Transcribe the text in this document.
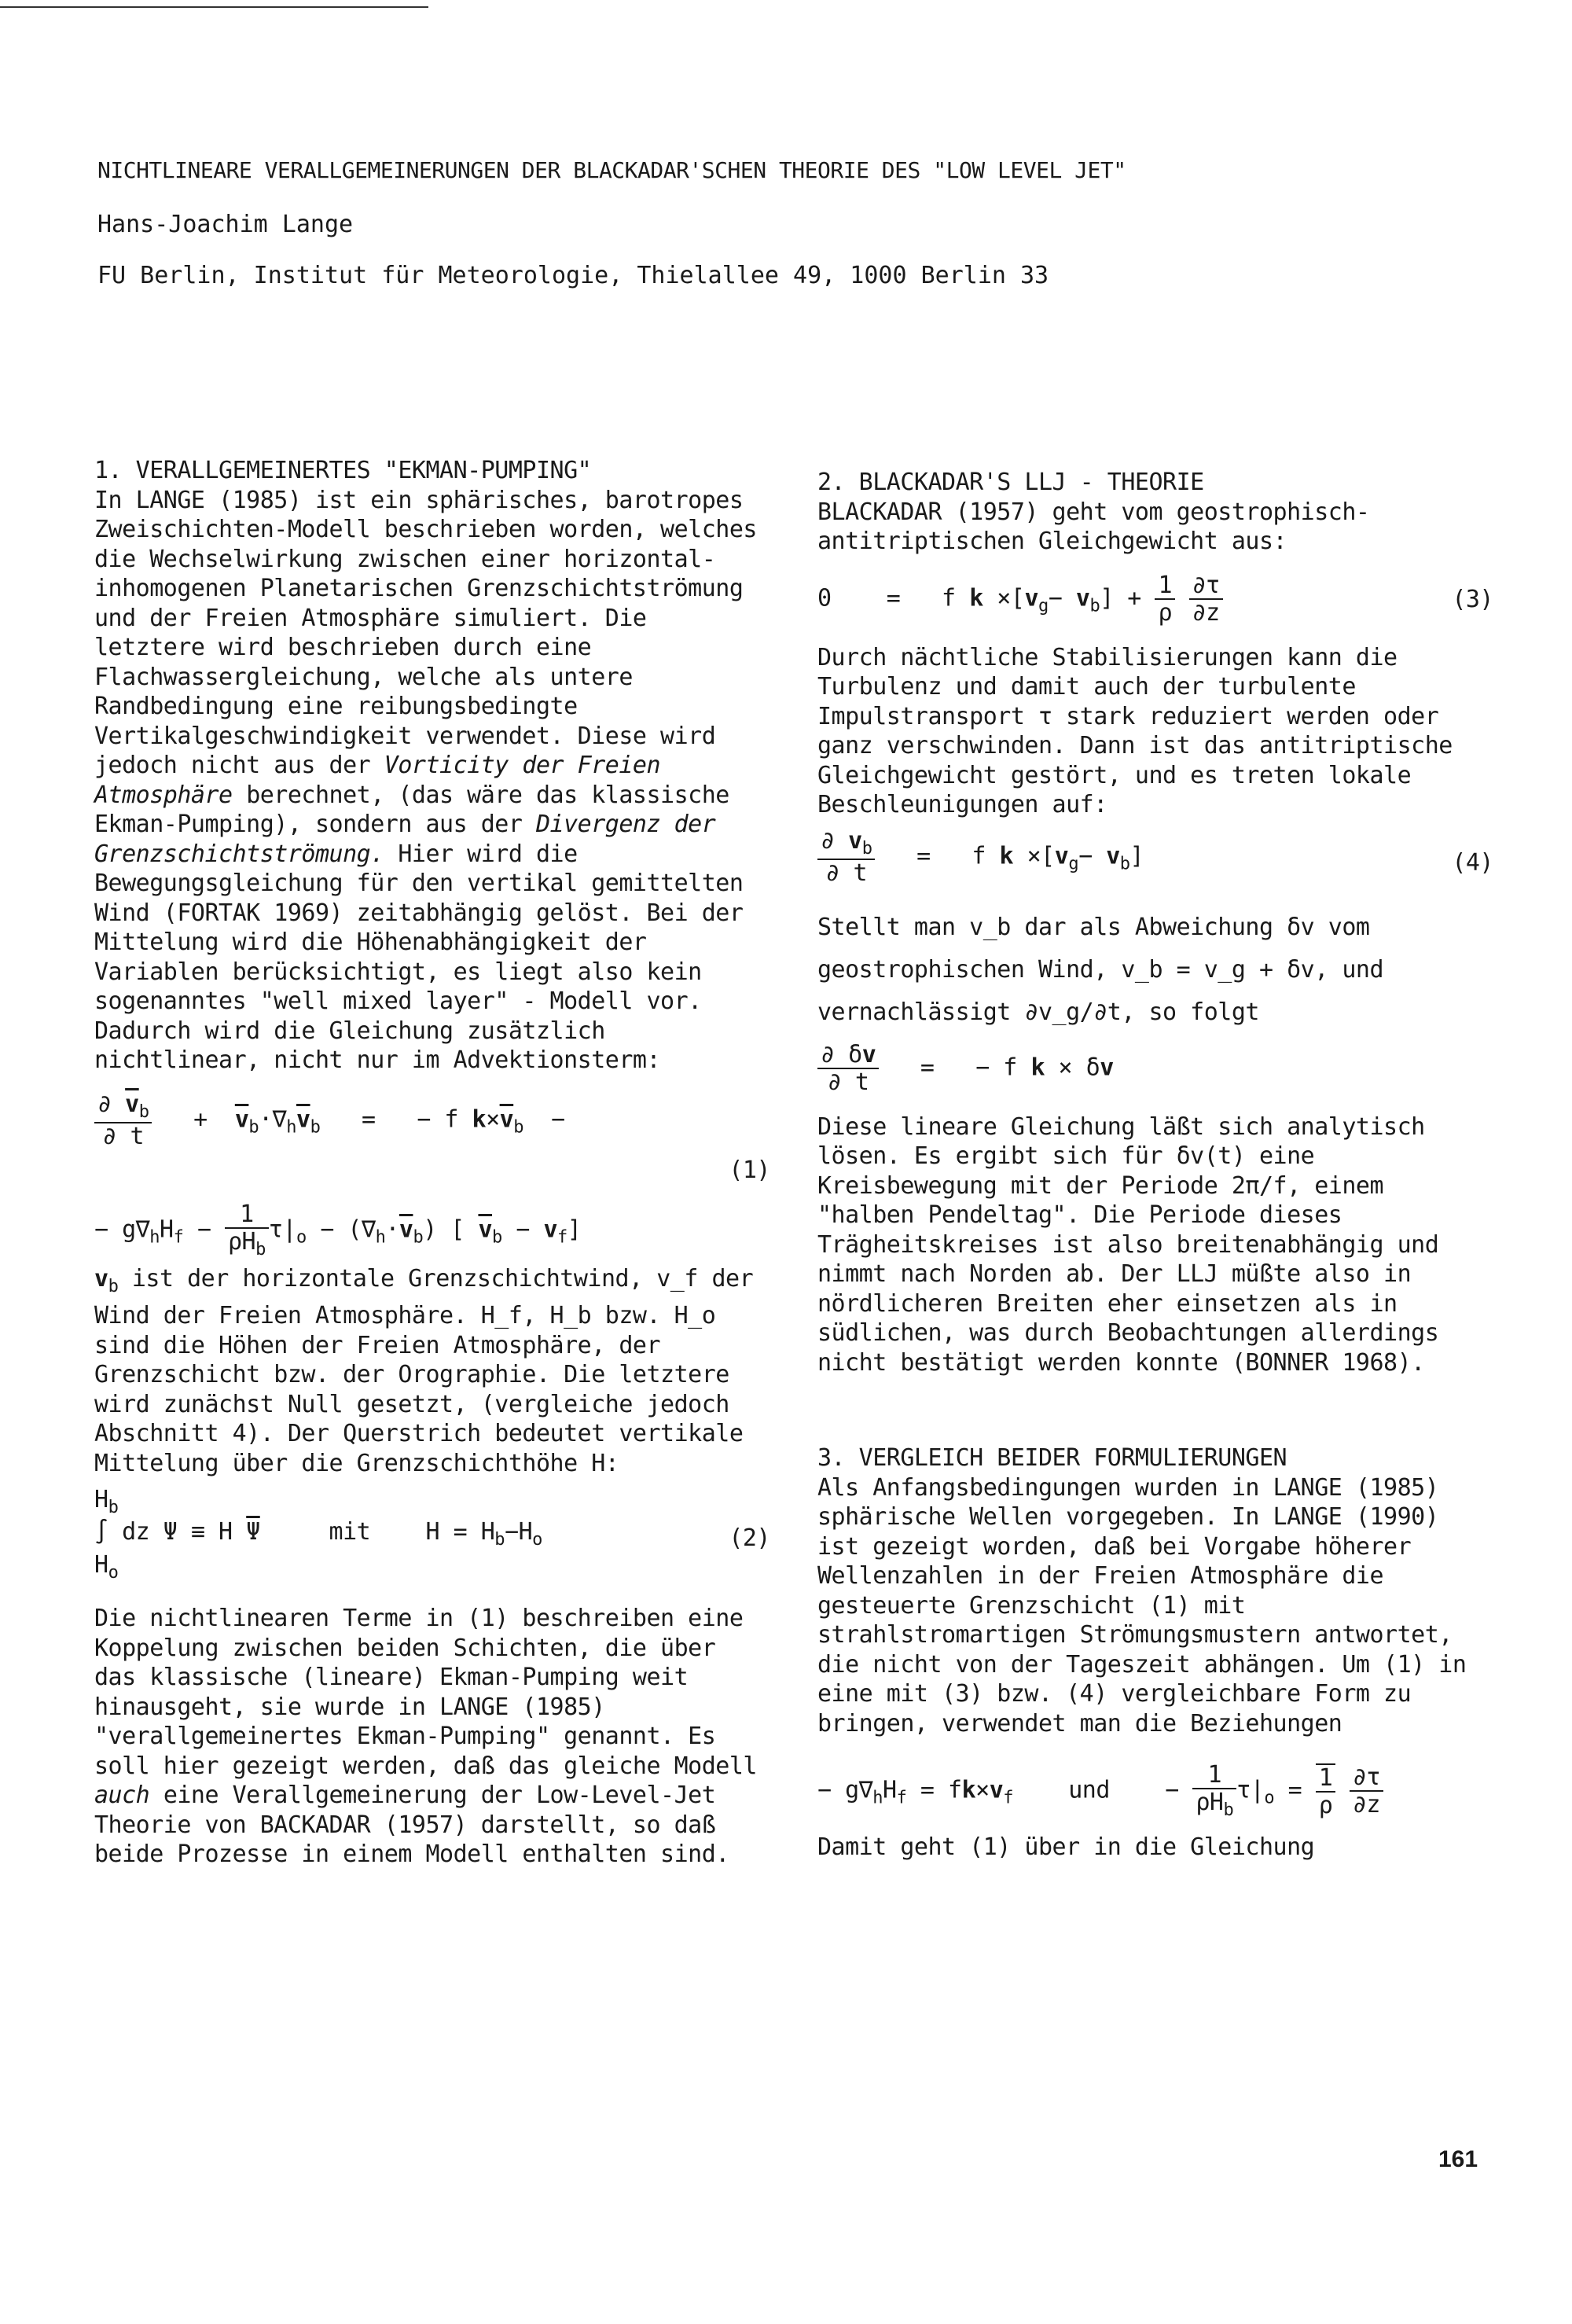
NICHTLINEARE VERALLGEMEINERUNGEN DER BLACKADAR'SCHEN THEORIE DES "LOW LEVEL JET"
Hans-Joachim Lange
FU Berlin, Institut für Meteorologie, Thielallee 49, 1000 Berlin 33

1. VERALLGEMEINERTES "EKMAN-PUMPING"

In LANGE (1985) ist ein sphärisches, barotropes Zweischichten-Modell beschrieben worden, welches die Wechselwirkung zwischen einer horizontal-inhomogenen Planetarischen Grenzschichtströmung und der Freien Atmosphäre simuliert. Die letztere wird beschrieben durch eine Flachwassergleichung, welche als untere Randbedingung eine reibungsbedingte Vertikalgeschwindigkeit verwendet. Diese wird jedoch nicht aus der Vorticity der Freien Atmosphäre berechnet, (das wäre das klassische Ekman-Pumping), sondern aus der Divergenz der Grenzschichtströmung. Hier wird die Bewegungsgleichung für den vertikal gemittelten Wind (FORTAK 1969) zeitabhängig gelöst. Bei der Mittelung wird die Höhenabhängigkeit der Variablen berücksichtigt, es liegt also kein sogenanntes "well mixed layer" - Modell vor. Dadurch wird die Gleichung zusätzlich nichtlinear, nicht nur im Advektionsterm:

$\frac{\partial \overline{v}_b}{\partial t} + \overline{v}_b\cdot\nabla_h\overline{v}_b$   =   − f $k\times\overline{v}_b$  −
(1)
− $g\nabla_hH_f - \frac{1}{\rho H_b} \tau|_o - (\nabla_h\cdot\overline{v}_b)$ [ $\overline{v}_b - v_f$]

$v_b$ ist der horizontale Grenzschichtwind, v_f der Wind der Freien Atmosphäre. H_f, H_b bzw. H_o sind die Höhen der Freien Atmosphäre, der Grenzschicht bzw. der Orographie. Die letztere wird zunächst Null gesetzt, (vergleiche jedoch Abschnitt 4). Der Querstrich bedeutet vertikale Mittelung über die Grenzschichthöhe H:

$H_b$
∫ dz Ψ ≡ H $\overline{\Psi}$     mit    $H = H_b-H_o$
$H_o$
(2)

Die nichtlinearen Terme in (1) beschreiben eine Koppelung zwischen beiden Schichten, die über das klassische (lineare) Ekman-Pumping weit hinausgeht, sie wurde in LANGE (1985) "verallgemeinertes Ekman-Pumping" genannt. Es soll hier gezeigt werden, daß das gleiche Modell auch eine Verallgemeinerung der Low-Level-Jet Theorie von BACKADAR (1957) darstellt, so daß beide Prozesse in einem Modell enthalten sind.

2. BLACKADAR'S LLJ - THEORIE

BLACKADAR (1957) geht vom geostrophisch-antitriptischen Gleichgewicht aus:

0    =   f $k \times[v_g- v_b] + \frac{1}{\rho}$
$\frac{\partial\tau}{\partial z}$	(3)

Durch nächtliche Stabilisierungen kann die Turbulenz und damit auch der turbulente Impulstransport τ stark reduziert werden oder ganz verschwinden. Dann ist das antitriptische Gleichgewicht gestört, und es treten lokale Beschleunigungen auf:

$\frac{\partial v_b}{\partial t} = f$ $k \times[v_g- v_b]$	(4)

Stellt man v_b dar als Abweichung δv vom geostrophischen Wind, v_b = v_g + δv, und vernachlässigt ∂v_g/∂t, so folgt

$\frac{\partial \delta v}{\partial t}$ =   − f k × δv

Diese lineare Gleichung läßt sich analytisch lösen. Es ergibt sich für δv(t) eine Kreisbewegung mit der Periode 2π/f, einem "halben Pendeltag". Die Periode dieses Trägheitskreises ist also breitenabhängig und nimmt nach Norden ab. Der LLJ müßte also in nördlicheren Breiten eher einsetzen als in südlichen, was durch Beobachtungen allerdings nicht bestätigt werden konnte (BONNER 1968).

3. VERGLEICH BEIDER FORMULIERUNGEN

Als Anfangsbedingungen wurden in LANGE (1985) sphärische Wellen vorgegeben. In LANGE (1990) ist gezeigt worden, daß bei Vorgabe höherer Wellenzahlen in der Freien Atmosphäre die gesteuerte Grenzschicht (1) mit strahlstromartigen Strömungsmustern antwortet, die nicht von der Tageszeit abhängen. Um (1) in eine mit (3) bzw. (4) vergleichbare Form zu bringen, verwendet man die Beziehungen

− $g\nabla_hH_f = fk\times v_f$ und    − $\frac{1}{\rho H_b} \tau|_o = \frac{1}{\rho}$
$\frac{\partial\tau}{\partial z}$

Damit geht (1) über in die Gleichung

161
